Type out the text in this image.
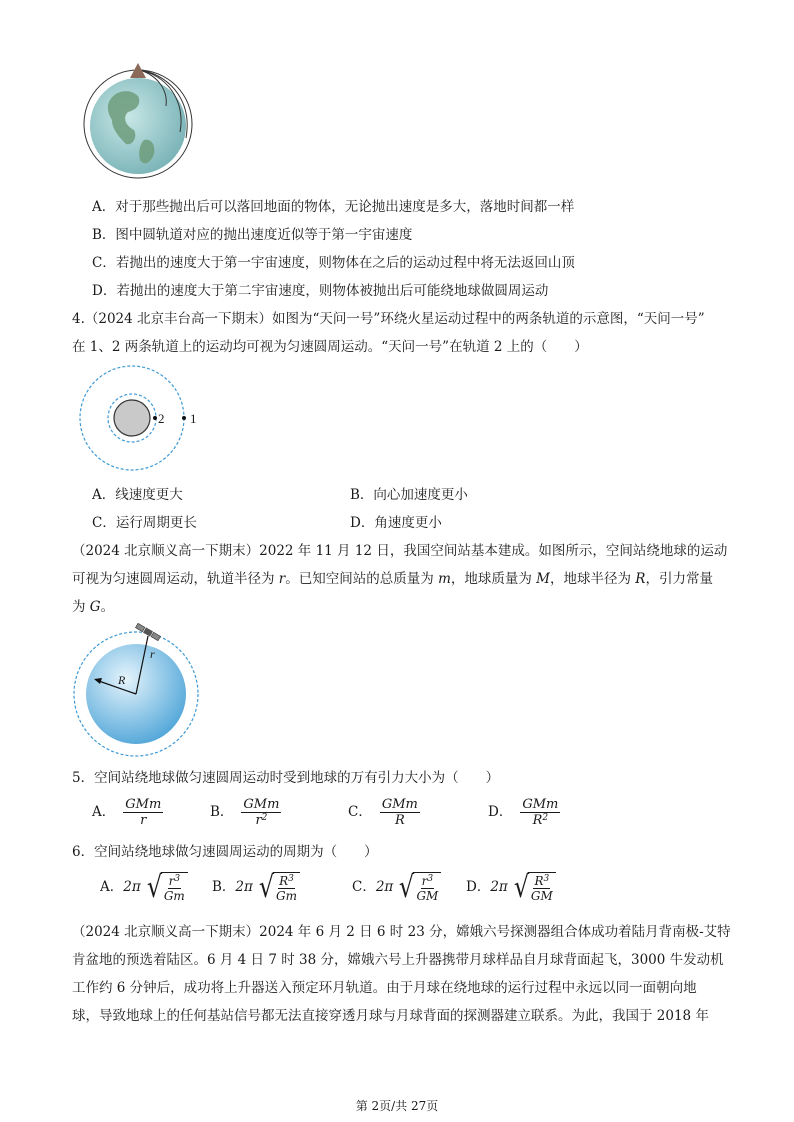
A．对于那些抛出后可以落回地面的物体，无论抛出速度是多大，落地时间都一样
B．图中圆轨道对应的抛出速度近似等于第一宇宙速度
C．若抛出的速度大于第一宇宙速度，则物体在之后的运动过程中将无法返回山顶
D．若抛出的速度大于第二宇宙速度，则物体被抛出后可能绕地球做圆周运动
4.（2024 北京丰台高一下期末）如图为“天问一号”环绕火星运动过程中的两条轨道的示意图，“天问一号”
在 1、2 两条轨道上的运动均可视为匀速圆周运动。“天问一号”在轨道 2 上的（　　）
2 1
A．线速度更大	B．向心加速度更小
C．运行周期更长	D．角速度更小
（2024 北京顺义高一下期末）2022 年 11 月 12 日，我国空间站基本建成。如图所示，空间站绕地球的运动
可视为匀速圆周运动，轨道半径为 r。已知空间站的总质量为 m，地球质量为 M，地球半径为 R，引力常量
为 G。
r
R
5．空间站绕地球做匀速圆周运动时受到地球的万有引力大小为（　　）
A． $\frac{\text{GMm}}{r}$	B． $\frac{\text{GMm}}{r^2}$	C． $\frac{\text{GMm}}{R}$	D． $\frac{\text{GMm}}{R^2}$
6．空间站绕地球做匀速圆周运动的周期为（　　）
A．2π √ $r^3$
Gm
B．2π √ $R^3$
Gm
C．2π √ $r^3$
GM
D．2π √ $R^3$
GM
（2024 北京顺义高一下期末）2024 年 6 月 2 日 6 时 23 分，嫦娥六号探测器组合体成功着陆月背南极-艾特
肯盆地的预选着陆区。6 月 4 日 7 时 38 分，嫦娥六号上升器携带月球样品自月球背面起飞，3000 牛发动机
工作约 6 分钟后，成功将上升器送入预定环月轨道。由于月球在绕地球的运行过程中永远以同一面朝向地
球，导致地球上的任何基站信号都无法直接穿透月球与月球背面的探测器建立联系。为此，我国于 2018 年
第 2页/共 27页
